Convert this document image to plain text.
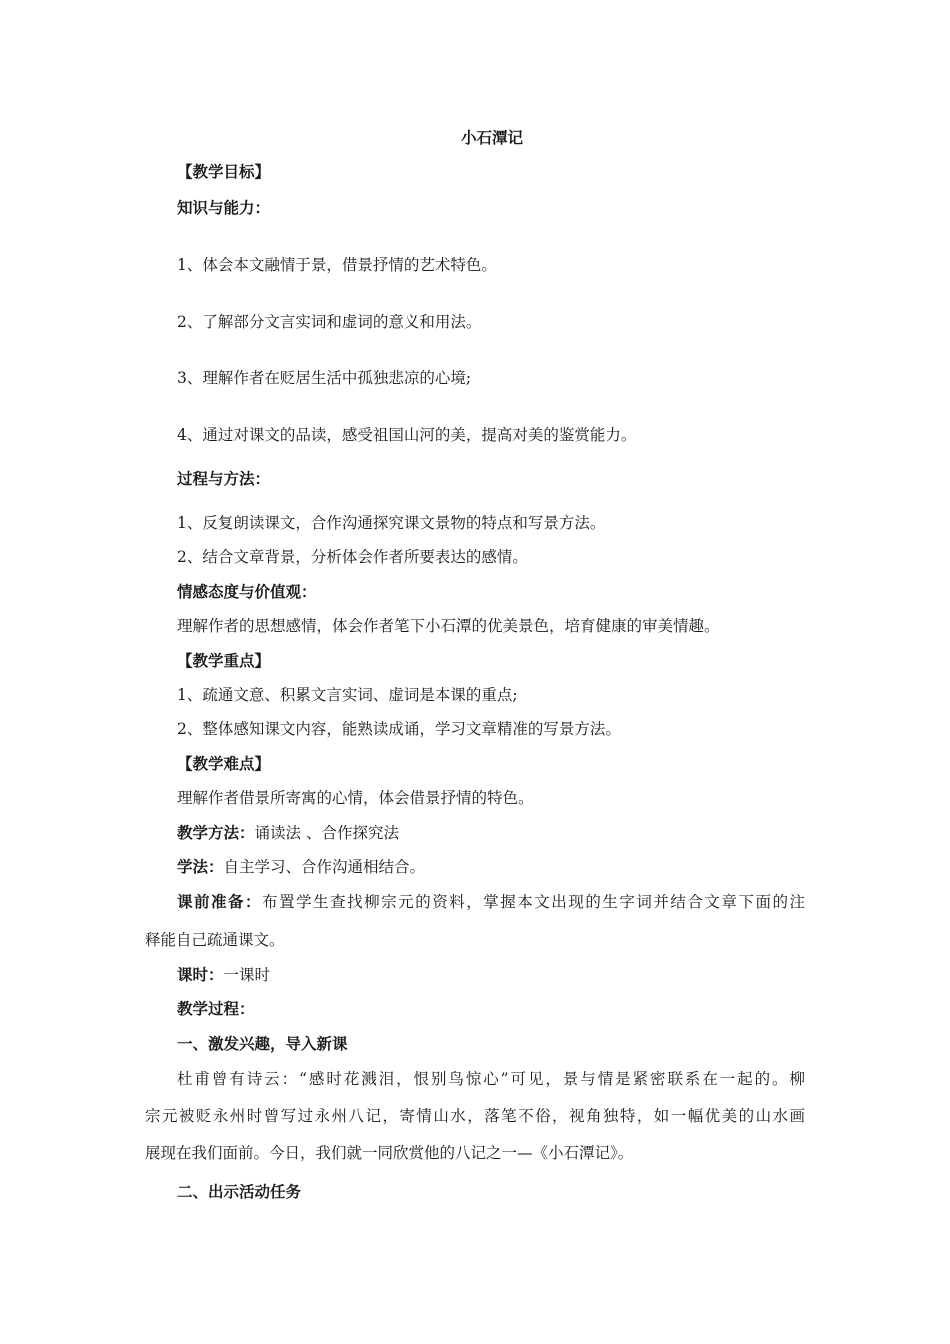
小石潭记
【教学目标】
知识与能力：
1、体会本文融情于景，借景抒情的艺术特色。
2、了解部分文言实词和虚词的意义和用法。
3、理解作者在贬居生活中孤独悲凉的心境;
4、通过对课文的品读，感受祖国山河的美，提高对美的鉴赏能力。
过程与方法：
1、反复朗读课文，合作沟通探究课文景物的特点和写景方法。
2、结合文章背景，分析体会作者所要表达的感情。
情感态度与价值观：
理解作者的思想感情，体会作者笔下小石潭的优美景色，培育健康的审美情趣。
【教学重点】
1、疏通文意、积累文言实词、虚词是本课的重点;
2、整体感知课文内容，能熟读成诵，学习文章精准的写景方法。
【教学难点】
理解作者借景所寄寓的心情，体会借景抒情的特色。
教学方法：诵读法 、合作探究法
学法：自主学习、合作沟通相结合。
课前准备：布置学生查找柳宗元的资料，掌握本文出现的生字词并结合文章下面的注
释能自己疏通课文。
课时：一课时
教学过程：
一、激发兴趣，导入新课
杜甫曾有诗云：“感时花溅泪，恨别鸟惊心”可见，景与情是紧密联系在一起的。柳
宗元被贬永州时曾写过永州八记，寄情山水，落笔不俗，视角独特，如一幅优美的山水画
展现在我们面前。今日，我们就一同欣赏他的八记之一—《小石潭记》。
二、出示活动任务
